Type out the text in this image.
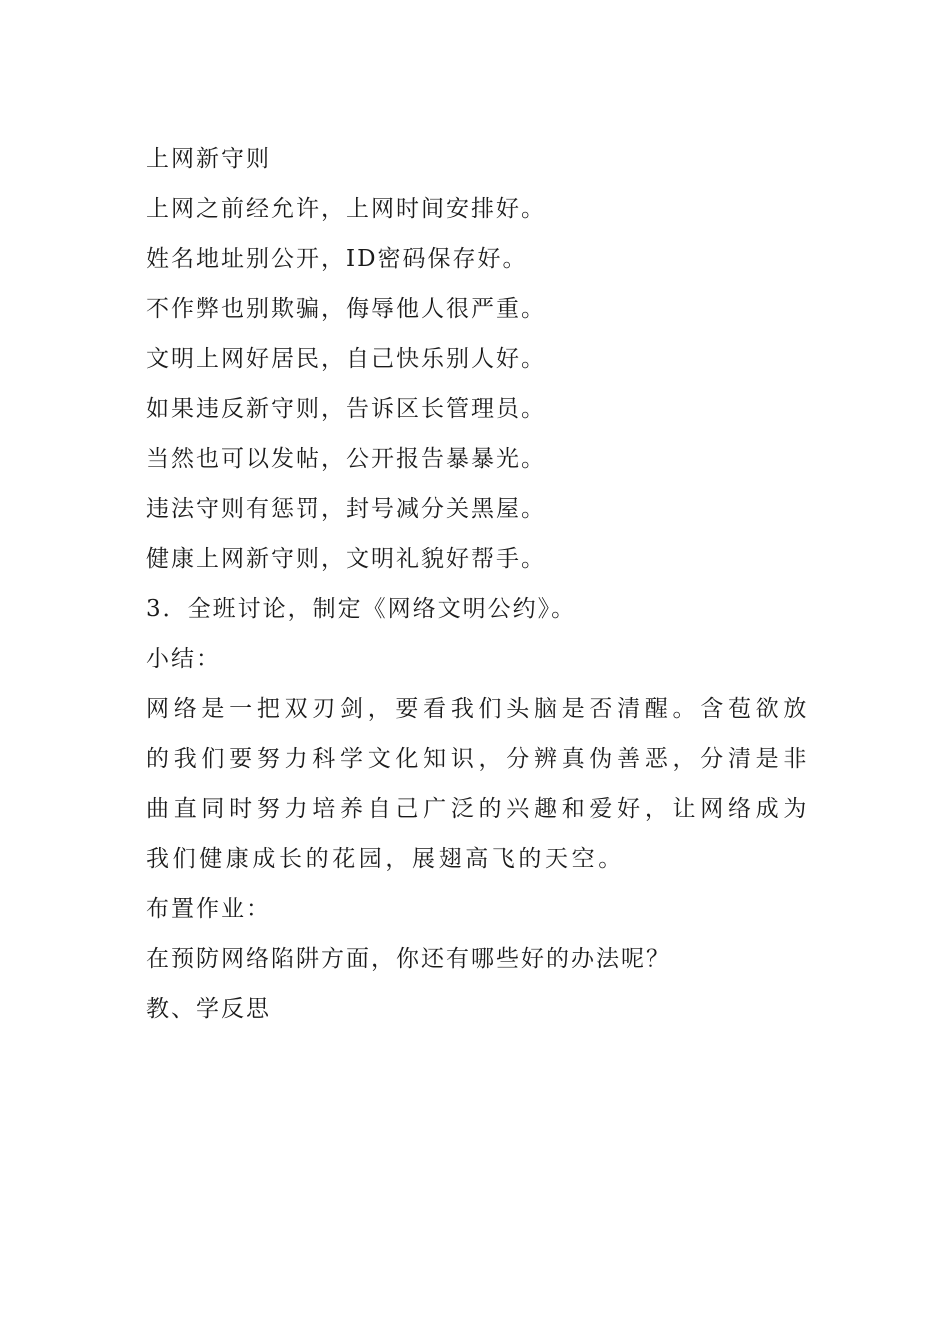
上网新守则
上网之前经允许，上网时间安排好。
姓名地址别公开，ID密码保存好。
不作弊也别欺骗，侮辱他人很严重。
文明上网好居民，自己快乐别人好。
如果违反新守则，告诉区长管理员。
当然也可以发帖，公开报告暴暴光。
违法守则有惩罚，封号减分关黑屋。
健康上网新守则，文明礼貌好帮手。
3．全班讨论，制定《网络文明公约》。
小结：
网络是一把双刃剑，要看我们头脑是否清醒。含苞欲放的我们要努力科学文化知识，分辨真伪善恶，分清是非曲直同时努力培养自己广泛的兴趣和爱好，让网络成为我们健康成长的花园，展翅高飞的天空。
布置作业：
在预防网络陷阱方面，你还有哪些好的办法呢？
教、学反思
